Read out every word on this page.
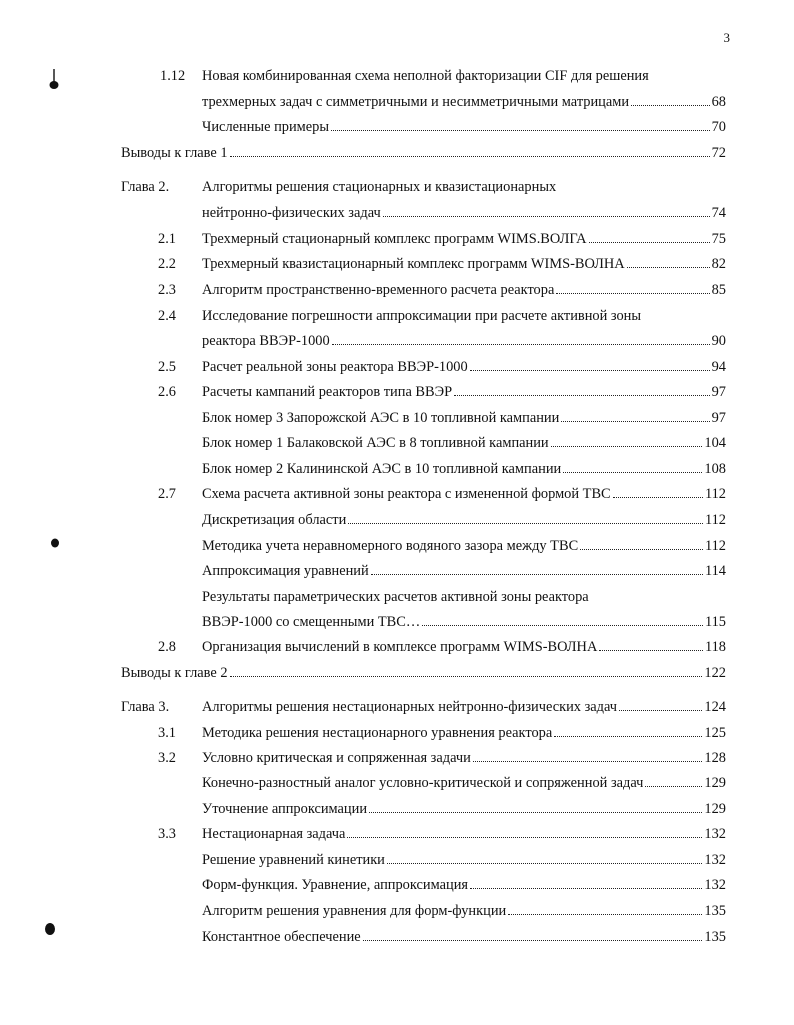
3
1.12 Новая комбинированная схема неполной факторизации CIF для решения
трехмерных задач с симметричными и несимметричными матрицами	68
Численные примеры	70
Выводы к главе 1	72
Глава 2. Алгоритмы решения стационарных и квазистационарных
нейтронно-физических задач	74
2.1 Трехмерный стационарный комплекс программ WIMS.ВОЛГА	75
2.2 Трехмерный квазистационарный комплекс программ WIMS-ВОЛНА	82
2.3 Алгоритм пространственно-временного расчета реактора	85
2.4 Исследование погрешности аппроксимации при расчете активной зоны
реактора ВВЭР-1000	90
2.5 Расчет реальной зоны реактора ВВЭР-1000	94
2.6 Расчеты кампаний реакторов типа ВВЭР	97
Блок номер 3 Запорожской АЭС в 10 топливной кампании	97
Блок номер 1 Балаковской АЭС в 8 топливной кампании	104
Блок номер 2 Калининской АЭС в 10 топливной кампании	108
2.7 Схема расчета активной зоны реактора с измененной формой ТВС	112
Дискретизация области	112
Методика учета неравномерного водяного зазора между ТВС	112
Аппроксимация уравнений	114
Результаты параметрических расчетов активной зоны реактора
ВВЭР-1000 со смещенными ТВС…	115
2.8 Организация вычислений в комплексе программ WIMS-ВОЛНА	118
Выводы к главе 2	122
Глава 3. Алгоритмы решения нестационарных нейтронно-физических задач	124
3.1 Методика решения нестационарного уравнения реактора	125
3.2 Условно критическая и сопряженная задачи	128
Конечно-разностный аналог условно-критической и сопряженной задач	129
Уточнение аппроксимации	129
3.3 Нестационарная задача	132
Решение уравнений кинетики	132
Форм-функция. Уравнение, аппроксимация	132
Алгоритм решения уравнения для форм-функции	135
Константное обеспечение	135
